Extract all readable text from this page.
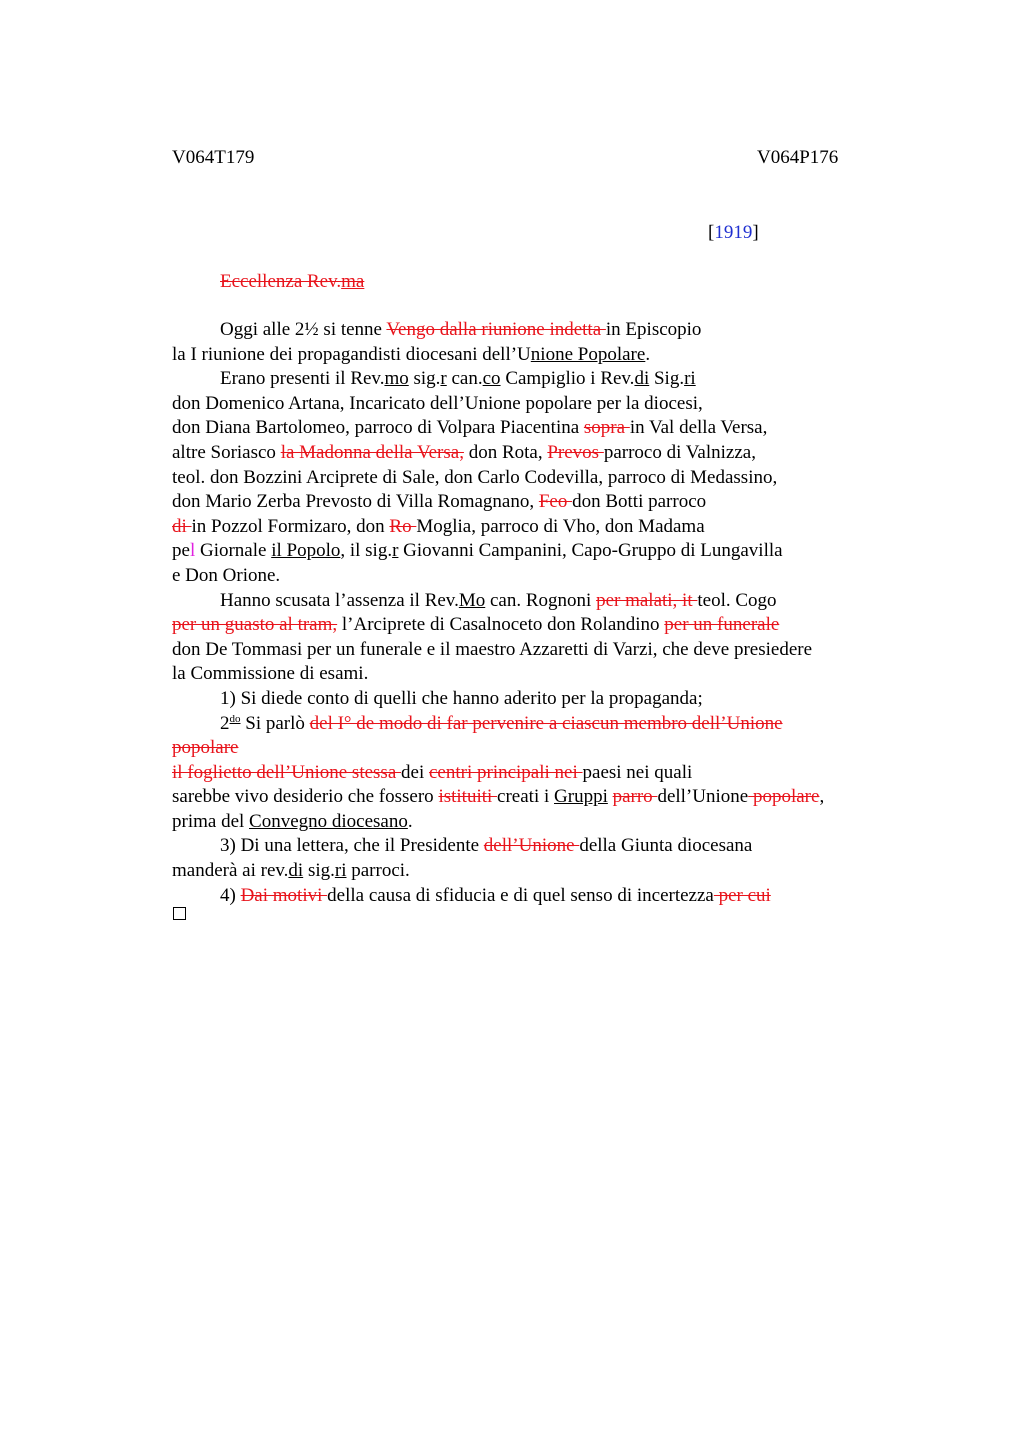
V064T179	V064P176
[1919]
Eccellenza Rev.ma
Oggi alle 2½ si tenne Vengo dalla riunione indetta in Episcopio
la I riunione dei propagandisti diocesani dell’Unione Popolare.
Erano presenti il Rev.mo sig.r can.co Campiglio i Rev.di Sig.ri
don Domenico Artana, Incaricato dell’Unione popolare per la diocesi,
don Diana Bartolomeo, parroco di Volpara Piacentina sopra in Val della Versa,
altre Soriasco la Madonna della Versa, don Rota, Prevos parroco di Valnizza,
teol. don Bozzini Arciprete di Sale, don Carlo Codevilla, parroco di Medassino,
don Mario Zerba Prevosto di Villa Romagnano, Feo don Botti parroco
di in Pozzol Formizaro, don Ro Moglia, parroco di Vho, don Madama
pel Giornale il Popolo, il sig.r Giovanni Campanini, Capo-Gruppo di Lungavilla
e Don Orione.
Hanno scusata l’assenza il Rev.Mo can. Rognoni per malati, it teol. Cogo
per un guasto al tram, l’Arciprete di Casalnoceto don Rolandino per un funerale
don De Tommasi per un funerale e il maestro Azzaretti di Varzi, che deve presiedere
la Commissione di esami.
1) Si diede conto di quelli che hanno aderito per la propaganda;
$2^{do}$ Si parlò del I° de modo di far pervenire a ciascun membro dell’Unione
popolare
il foglietto dell’Unione stessa dei centri principali nei paesi nei quali
sarebbe vivo desiderio che fossero istituiti creati i Gruppi parro dell’Unione popolare,
prima del Convegno diocesano.
3) Di una lettera, che il Presidente dell’Unione della Giunta diocesana
manderà ai rev.di sig.ri parroci.
4) Dai motivi della causa di sfiducia e di quel senso di incertezza per cui
